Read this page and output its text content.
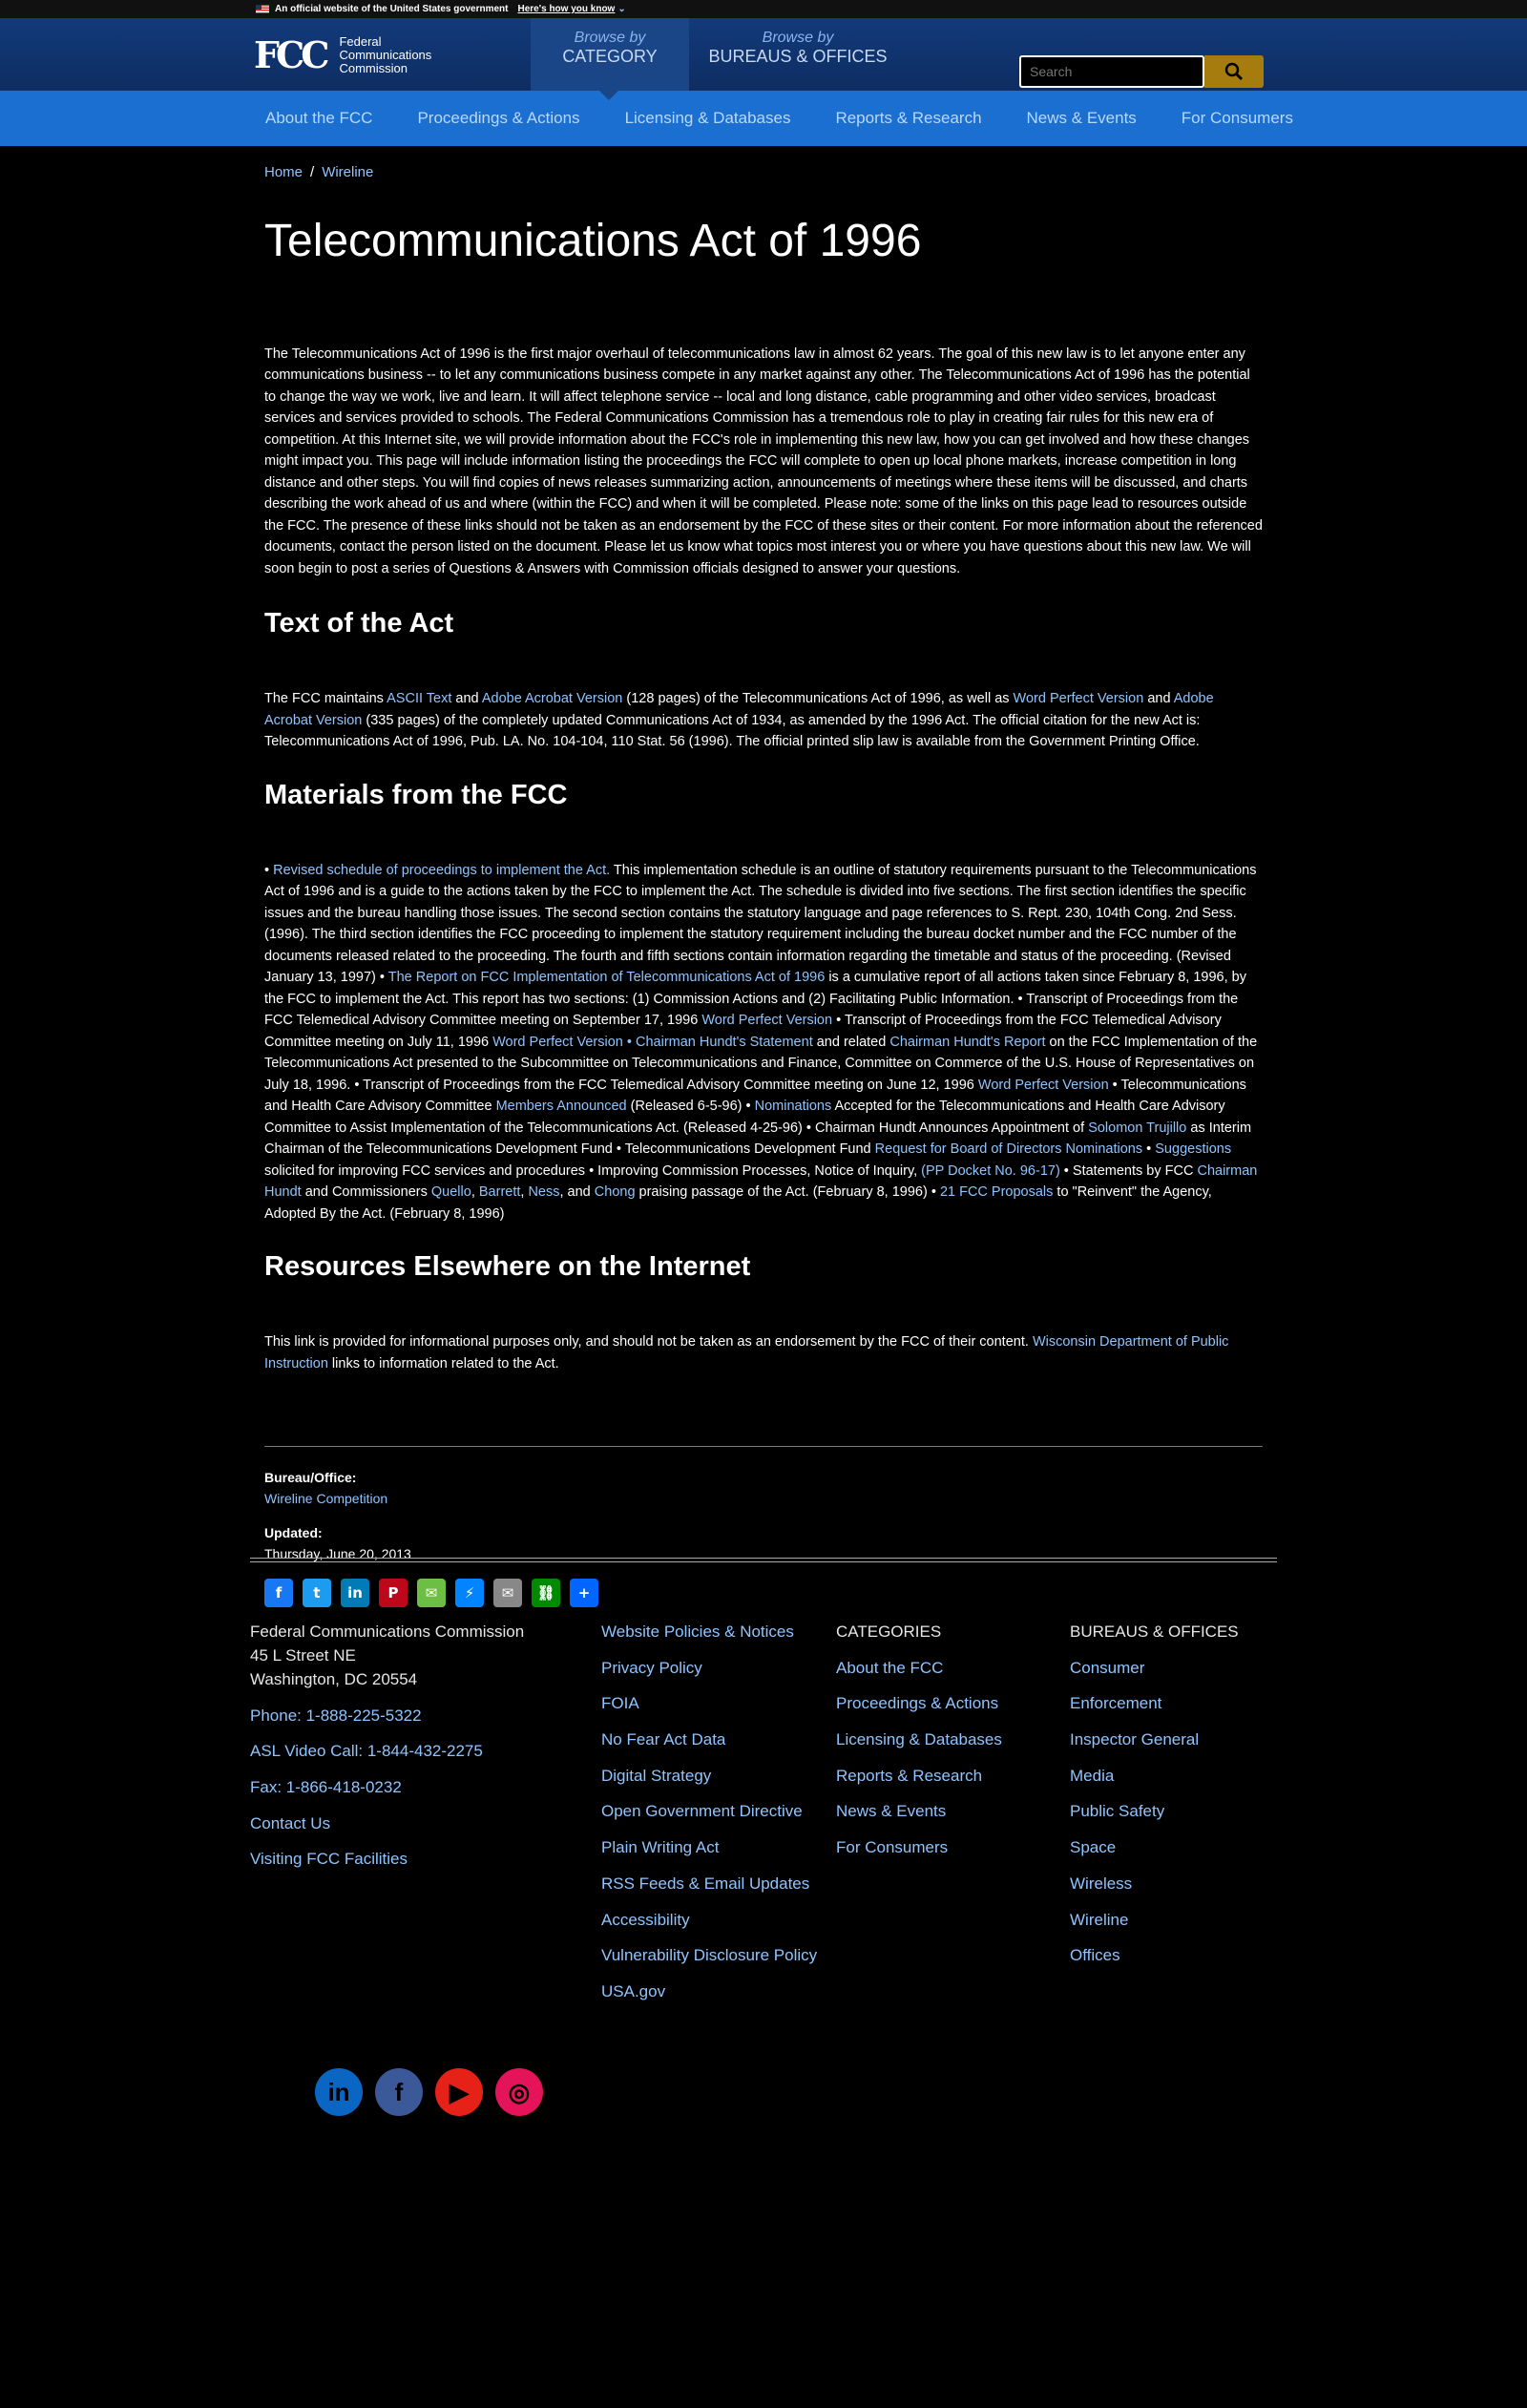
An official website of the United States government Here's how you know ⌄
FCC Federal
Communications
Commission
Browse by
CATEGORY
Browse by
BUREAUS & OFFICES
Search
About the FCC	Proceedings & Actions	Licensing & Databases	Reports & Research	News & Events	For Consumers
Home / Wireline
Telecommunications Act of 1996

The Telecommunications Act of 1996 is the first major overhaul of telecommunications law in almost 62 years. The goal of this new law is to let anyone enter any communications business -- to let any communications business compete in any market against any other. The Telecommunications Act of 1996 has the potential to change the way we work, live and learn. It will affect telephone service -- local and long distance, cable programming and other video services, broadcast services and services provided to schools. The Federal Communications Commission has a tremendous role to play in creating fair rules for this new era of competition. At this Internet site, we will provide information about the FCC's role in implementing this new law, how you can get involved and how these changes might impact you. This page will include information listing the proceedings the FCC will complete to open up local phone markets, increase competition in long distance and other steps. You will find copies of news releases summarizing action, announcements of meetings where these items will be discussed, and charts describing the work ahead of us and where (within the FCC) and when it will be completed. Please note: some of the links on this page lead to resources outside the FCC. The presence of these links should not be taken as an endorsement by the FCC of these sites or their content. For more information about the referenced documents, contact the person listed on the document. Please let us know what topics most interest you or where you have questions about this new law. We will soon begin to post a series of Questions & Answers with Commission officials designed to answer your questions.

Text of the Act

The FCC maintains ASCII Text and Adobe Acrobat Version (128 pages) of the Telecommunications Act of 1996, as well as Word Perfect Version and Adobe Acrobat Version (335 pages) of the completely updated Communications Act of 1934, as amended by the 1996 Act. The official citation for the new Act is: Telecommunications Act of 1996, Pub. LA. No. 104-104, 110 Stat. 56 (1996). The official printed slip law is available from the Government Printing Office.

Materials from the FCC

• Revised schedule of proceedings to implement the Act. This implementation schedule is an outline of statutory requirements pursuant to the Telecommunications Act of 1996 and is a guide to the actions taken by the FCC to implement the Act. The schedule is divided into five sections. The first section identifies the specific issues and the bureau handling those issues. The second section contains the statutory language and page references to S. Rept. 230, 104th Cong. 2nd Sess. (1996). The third section identifies the FCC proceeding to implement the statutory requirement including the bureau docket number and the FCC number of the documents released related to the proceeding. The fourth and fifth sections contain information regarding the timetable and status of the proceeding. (Revised January 13, 1997) • The Report on FCC Implementation of Telecommunications Act of 1996 is a cumulative report of all actions taken since February 8, 1996, by the FCC to implement the Act. This report has two sections: (1) Commission Actions and (2) Facilitating Public Information. • Transcript of Proceedings from the FCC Telemedical Advisory Committee meeting on September 17, 1996 Word Perfect Version • Transcript of Proceedings from the FCC Telemedical Advisory Committee meeting on July 11, 1996 Word Perfect Version • Chairman Hundt's Statement and related Chairman Hundt's Report on the FCC Implementation of the Telecommunications Act presented to the Subcommittee on Telecommunications and Finance, Committee on Commerce of the U.S. House of Representatives on July 18, 1996. • Transcript of Proceedings from the FCC Telemedical Advisory Committee meeting on June 12, 1996 Word Perfect Version • Telecommunications and Health Care Advisory Committee Members Announced (Released 6-5-96) • Nominations Accepted for the Telecommunications and Health Care Advisory Committee to Assist Implementation of the Telecommunications Act. (Released 4-25-96) • Chairman Hundt Announces Appointment of Solomon Trujillo as Interim Chairman of the Telecommunications Development Fund • Telecommunications Development Fund Request for Board of Directors Nominations • Suggestions solicited for improving FCC services and procedures • Improving Commission Processes, Notice of Inquiry, (PP Docket No. 96-17) • Statements by FCC Chairman Hundt and Commissioners Quello, Barrett, Ness, and Chong praising passage of the Act. (February 8, 1996) • 21 FCC Proposals to "Reinvent" the Agency, Adopted By the Act. (February 8, 1996)

Resources Elsewhere on the Internet

This link is provided for informational purposes only, and should not be taken as an endorsement by the FCC of their content. Wisconsin Department of Public Instruction links to information related to the Act.

Bureau/Office:
Wireline Competition
Updated:
Thursday, June 20, 2013
f	t	in	P	✉	⚡	✉	⛓	+
Federal Communications Commission
45 L Street NE
Washington, DC 20554
Phone: 1-888-225-5322
ASL Video Call: 1-844-432-2275
Fax: 1-866-418-0232
Contact Us
Visiting FCC Facilities
Website Policies & Notices
Privacy Policy
FOIA
No Fear Act Data
Digital Strategy
Open Government Directive
Plain Writing Act
RSS Feeds & Email Updates
Accessibility
Vulnerability Disclosure Policy
USA.gov
CATEGORIES
About the FCC
Proceedings & Actions
Licensing & Databases
Reports & Research
News & Events
For Consumers
BUREAUS & OFFICES
Consumer
Enforcement
Inspector General
Media
Public Safety
Space
Wireless
Wireline
Offices
in	f	▶	◎
